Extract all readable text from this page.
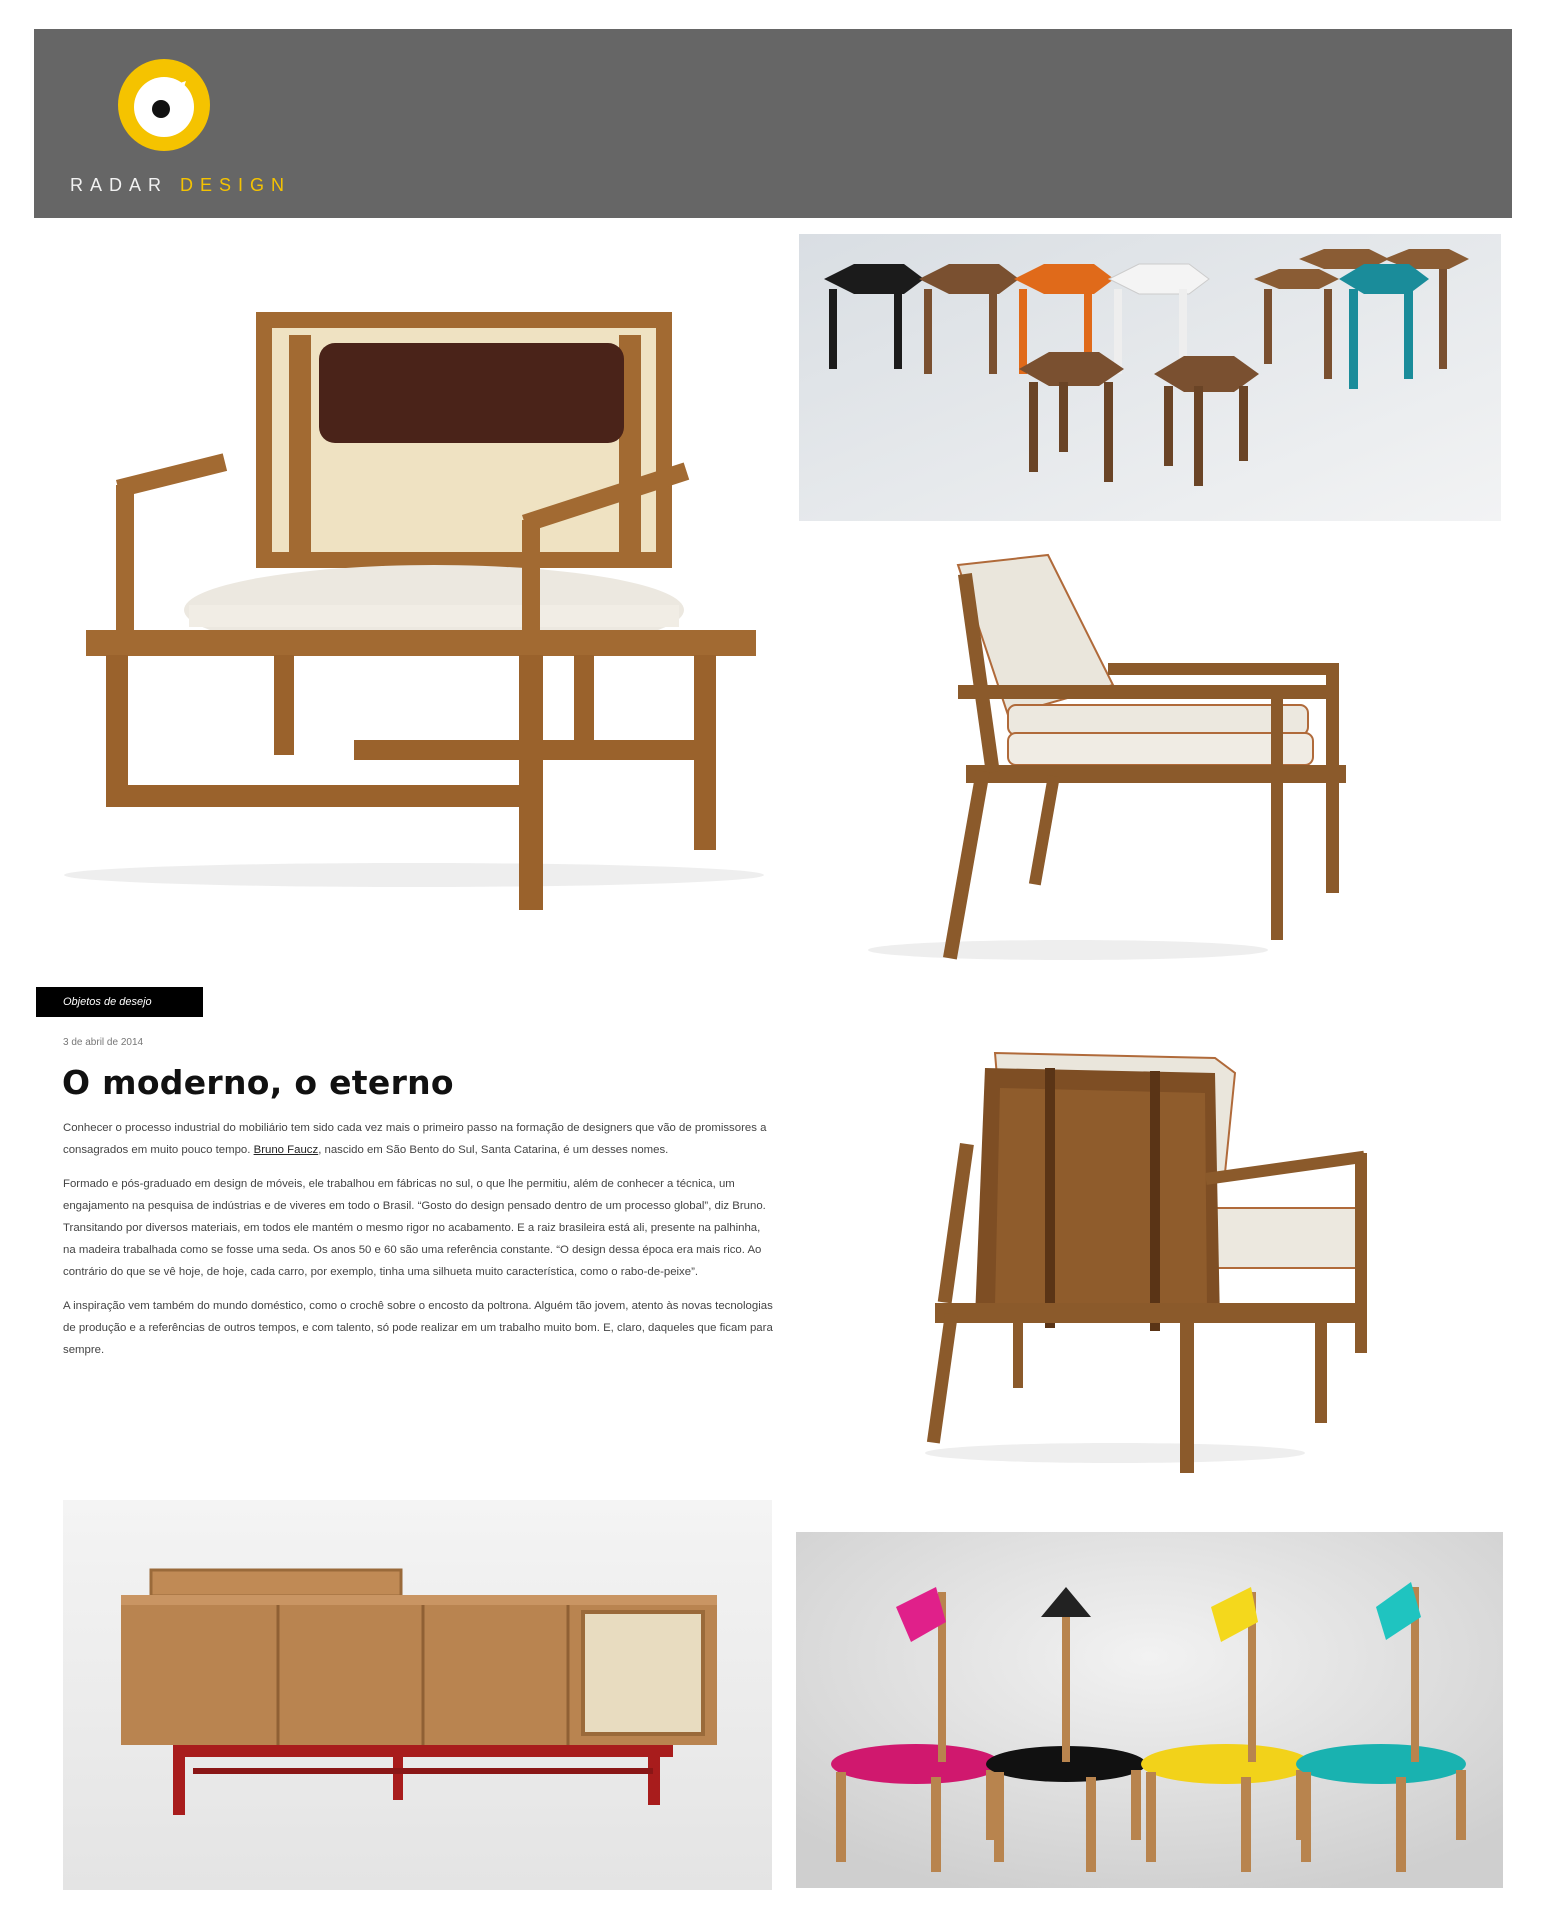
RADAR DESIGN
Objetos de desejo
3 de abril de 2014
O moderno, o eterno

Conhecer o processo industrial do mobiliário tem sido cada vez mais o primeiro passo na formação de designers que vão de promissores a consagrados em muito pouco tempo. Bruno Faucz, nascido em São Bento do Sul, Santa Catarina, é um desses nomes.

Formado e pós-graduado em design de móveis, ele trabalhou em fábricas no sul, o que lhe permitiu, além de conhecer a técnica, um engajamento na pesquisa de indústrias e de viveres em todo o Brasil. “Gosto do design pensado dentro de um processo global”, diz Bruno.

Transitando por diversos materiais, em todos ele mantém o mesmo rigor no acabamento. E a raiz brasileira está ali, presente na palhinha, na madeira trabalhada como se fosse uma seda. Os anos 50 e 60 são uma referência constante. “O design dessa época era mais rico. Ao contrário do que se vê hoje, de hoje, cada carro, por exemplo, tinha uma silhueta muito característica, como o rabo-de-peixe”.

A inspiração vem também do mundo doméstico, como o crochê sobre o encosto da poltrona. Alguém tão jovem, atento às novas tecnologias de produção e a referências de outros tempos, e com talento, só pode realizar em um trabalho muito bom. E, claro, daqueles que ficam para sempre.
